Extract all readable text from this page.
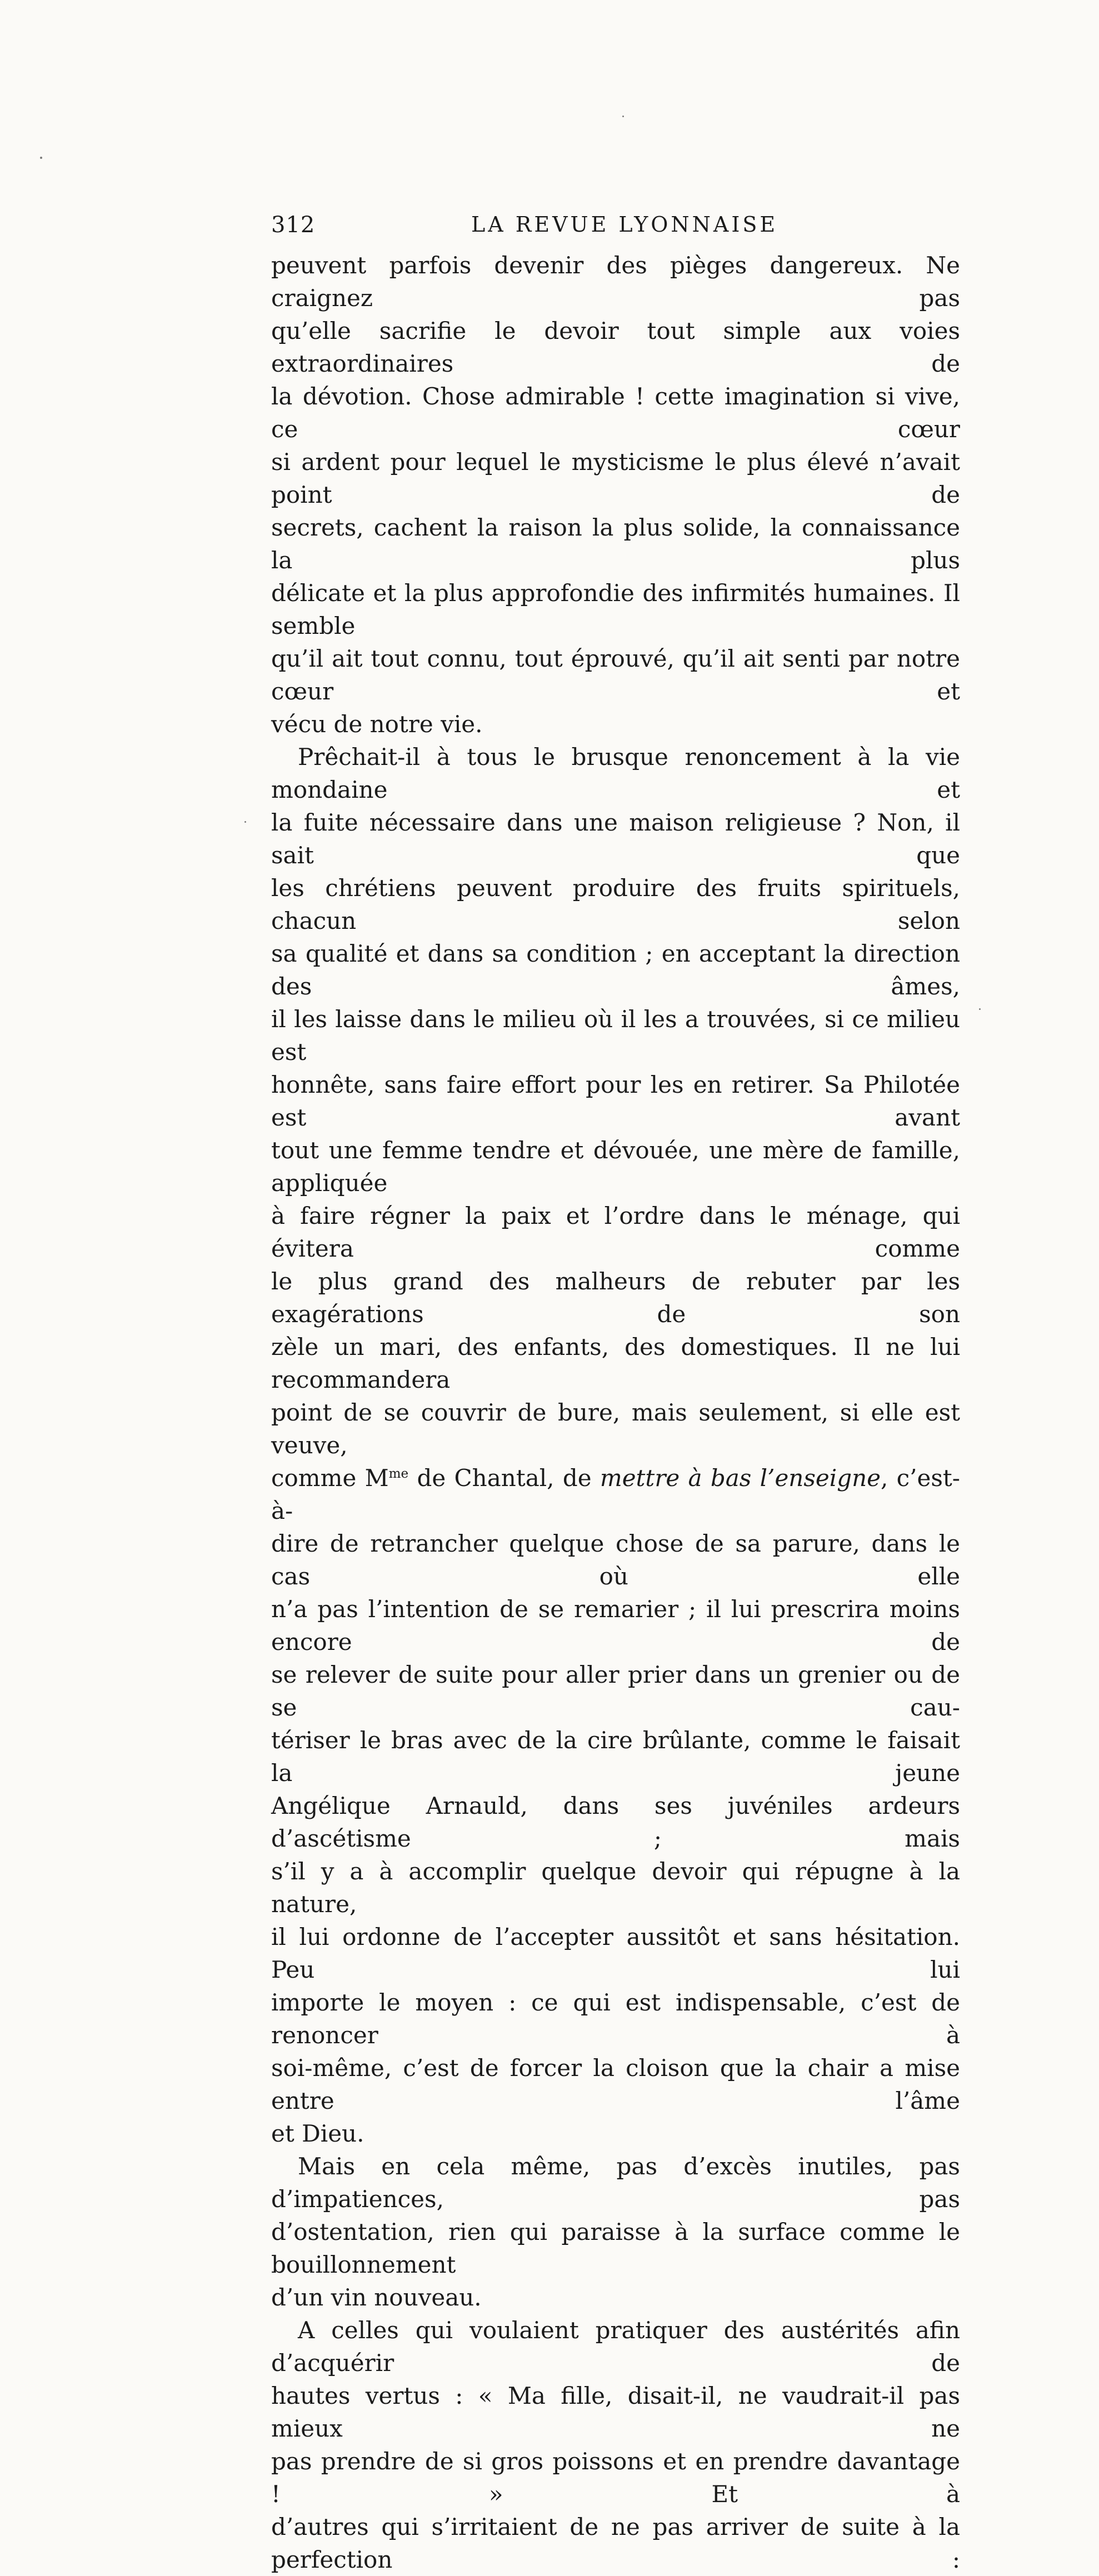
312	LA REVUE LYONNAISE

peuvent parfois devenir des pièges dangereux. Ne craignez pas

qu’elle sacrifie le devoir tout simple aux voies extraordinaires de

la dévotion. Chose admirable ! cette imagination si vive, ce cœur

si ardent pour lequel le mysticisme le plus élevé n’avait point de

secrets, cachent la raison la plus solide, la connaissance la plus

délicate et la plus approfondie des infirmités humaines. Il semble

qu’il ait tout connu, tout éprouvé, qu’il ait senti par notre cœur et

vécu de notre vie.

Prêchait-il à tous le brusque renoncement à la vie mondaine et

la fuite nécessaire dans une maison religieuse ? Non, il sait que

les chrétiens peuvent produire des fruits spirituels, chacun selon

sa qualité et dans sa condition ; en acceptant la direction des âmes,

il les laisse dans le milieu où il les a trouvées, si ce milieu est

honnête, sans faire effort pour les en retirer. Sa Philotée est avant

tout une femme tendre et dévouée, une mère de famille, appliquée

à faire régner la paix et l’ordre dans le ménage, qui évitera comme

le plus grand des malheurs de rebuter par les exagérations de son

zèle un mari, des enfants, des domestiques. Il ne lui recommandera

point de se couvrir de bure, mais seulement, si elle est veuve,

comme $M^{me}$ de Chantal, de mettre à bas l’enseigne, c’est-à-

dire de retrancher quelque chose de sa parure, dans le cas où elle

n’a pas l’intention de se remarier ; il lui prescrira moins encore de

se relever de suite pour aller prier dans un grenier ou de se cau-

tériser le bras avec de la cire brûlante, comme le faisait la jeune

Angélique Arnauld, dans ses juvéniles ardeurs d’ascétisme ; mais

s’il y a à accomplir quelque devoir qui répugne à la nature,

il lui ordonne de l’accepter aussitôt et sans hésitation. Peu lui

importe le moyen : ce qui est indispensable, c’est de renoncer à

soi-même, c’est de forcer la cloison que la chair a mise entre l’âme

et Dieu.

Mais en cela même, pas d’excès inutiles, pas d’impatiences, pas

d’ostentation, rien qui paraisse à la surface comme le bouillonnement

d’un vin nouveau.

A celles qui voulaient pratiquer des austérités afin d’acquérir de

hautes vertus : « Ma fille, disait-il, ne vaudrait-il pas mieux ne

pas prendre de si gros poissons et en prendre davantage ! » Et à

d’autres qui s’irritaient de ne pas arriver de suite à la perfection :
